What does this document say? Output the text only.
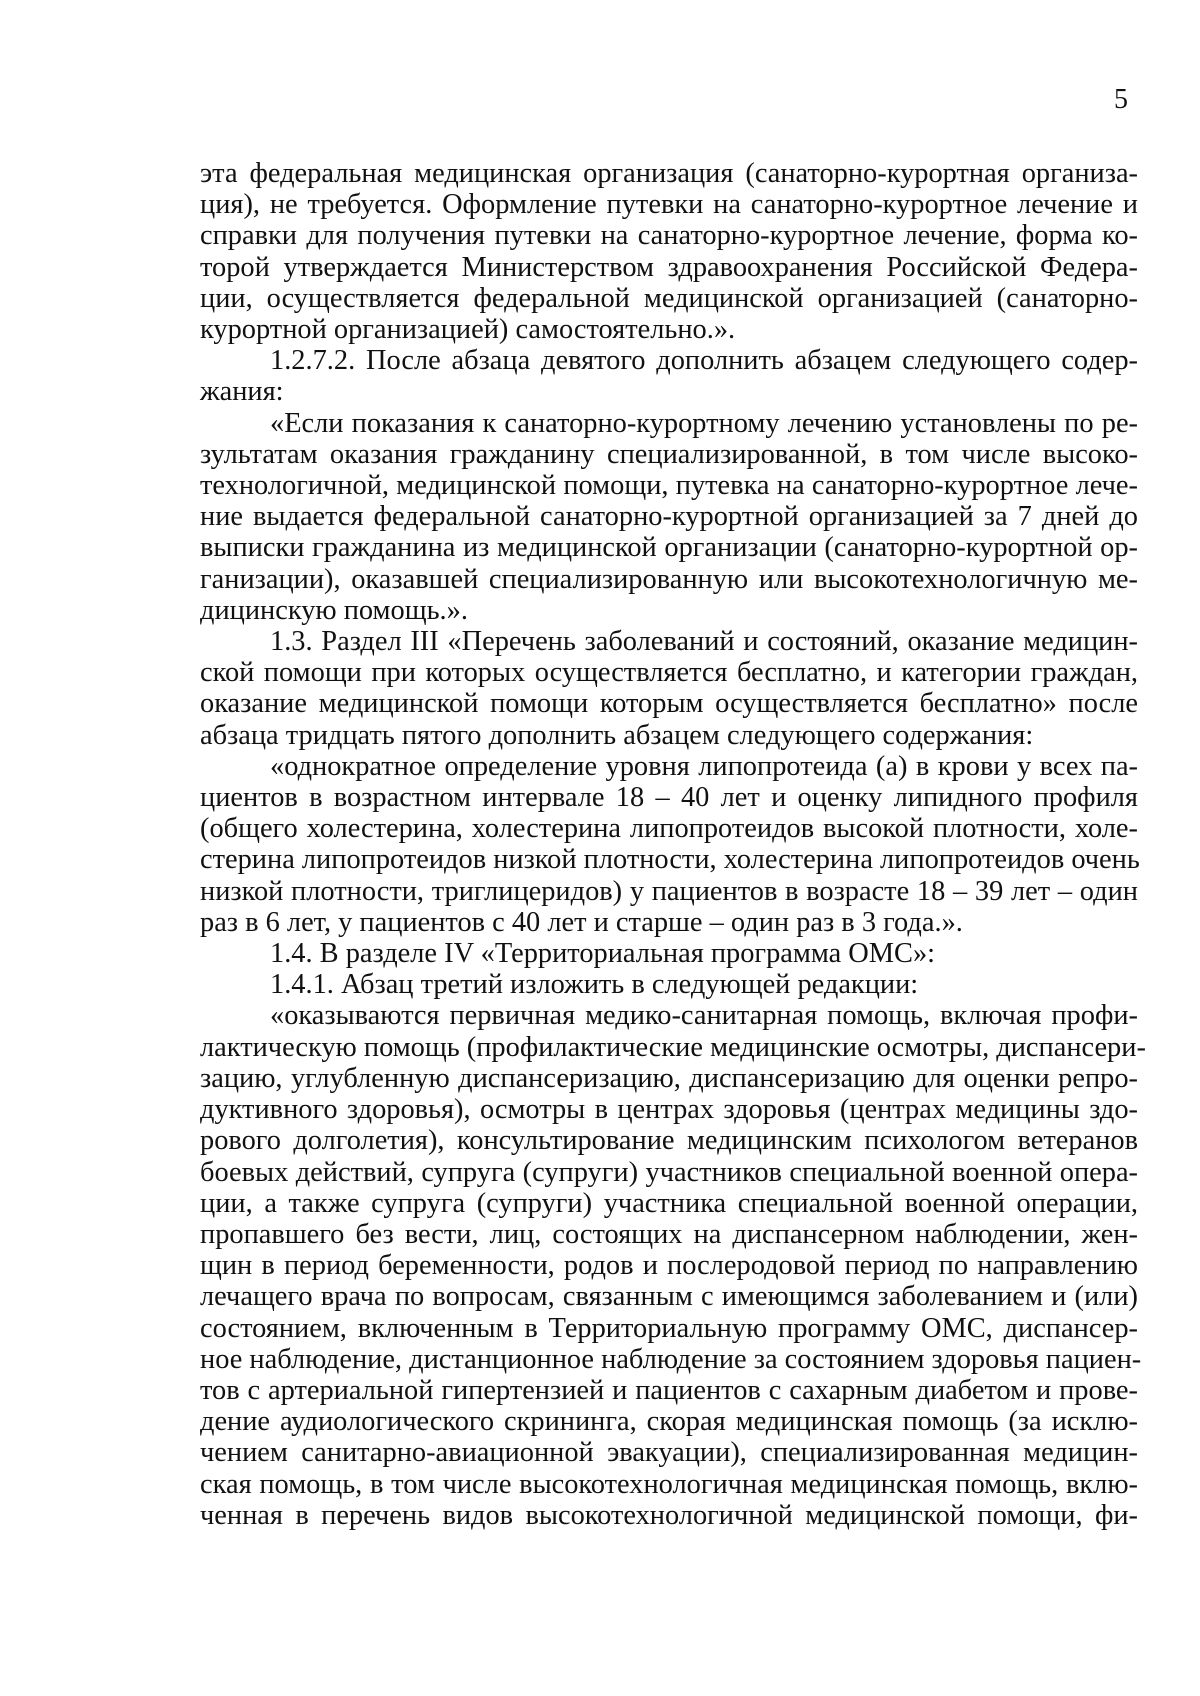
5
эта федеральная медицинская организация (санаторно-курортная организа-
ция), не требуется. Оформление путевки на санаторно-курортное лечение и
справки для получения путевки на санаторно-курортное лечение, форма ко-
торой утверждается Министерством здравоохранения Российской Федера-
ции, осуществляется федеральной медицинской организацией (санаторно-
курортной организацией) самостоятельно.».
1.2.7.2. После абзаца девятого дополнить абзацем следующего содер-
жания:
«Если показания к санаторно-курортному лечению установлены по ре-
зультатам оказания гражданину специализированной, в том числе высоко-
технологичной, медицинской помощи, путевка на санаторно-курортное лече-
ние выдается федеральной санаторно-курортной организацией за 7 дней до
выписки гражданина из медицинской организации (санаторно-курортной ор-
ганизации), оказавшей специализированную или высокотехнологичную ме-
дицинскую помощь.».
1.3. Раздел III «Перечень заболеваний и состояний, оказание медицин-
ской помощи при которых осуществляется бесплатно, и категории граждан,
оказание медицинской помощи которым осуществляется бесплатно» после
абзаца тридцать пятого дополнить абзацем следующего содержания:
«однократное определение уровня липопротеида (а) в крови у всех па-
циентов в возрастном интервале 18 – 40 лет и оценку липидного профиля
(общего холестерина, холестерина липопротеидов высокой плотности, холе-
стерина липопротеидов низкой плотности, холестерина липопротеидов очень
низкой плотности, триглицеридов) у пациентов в возрасте 18 – 39 лет – один
раз в 6 лет, у пациентов с 40 лет и старше – один раз в 3 года.».
1.4. В разделе IV «Территориальная программа ОМС»:
1.4.1. Абзац третий изложить в следующей редакции:
«оказываются первичная медико-санитарная помощь, включая профи-
лактическую помощь (профилактические медицинские осмотры, диспансери-
зацию, углубленную диспансеризацию, диспансеризацию для оценки репро-
дуктивного здоровья), осмотры в центрах здоровья (центрах медицины здо-
рового долголетия), консультирование медицинским психологом ветеранов
боевых действий, супруга (супруги) участников специальной военной опера-
ции, а также супруга (супруги) участника специальной военной операции,
пропавшего без вести, лиц, состоящих на диспансерном наблюдении, жен-
щин в период беременности, родов и послеродовой период по направлению
лечащего врача по вопросам, связанным с имеющимся заболеванием и (или)
состоянием, включенным в Территориальную программу ОМС, диспансер-
ное наблюдение, дистанционное наблюдение за состоянием здоровья пациен-
тов с артериальной гипертензией и пациентов с сахарным диабетом и прове-
дение аудиологического скрининга, скорая медицинская помощь (за исклю-
чением санитарно-авиационной эвакуации), специализированная медицин-
ская помощь, в том числе высокотехнологичная медицинская помощь, вклю-
ченная в перечень видов высокотехнологичной медицинской помощи, фи-
